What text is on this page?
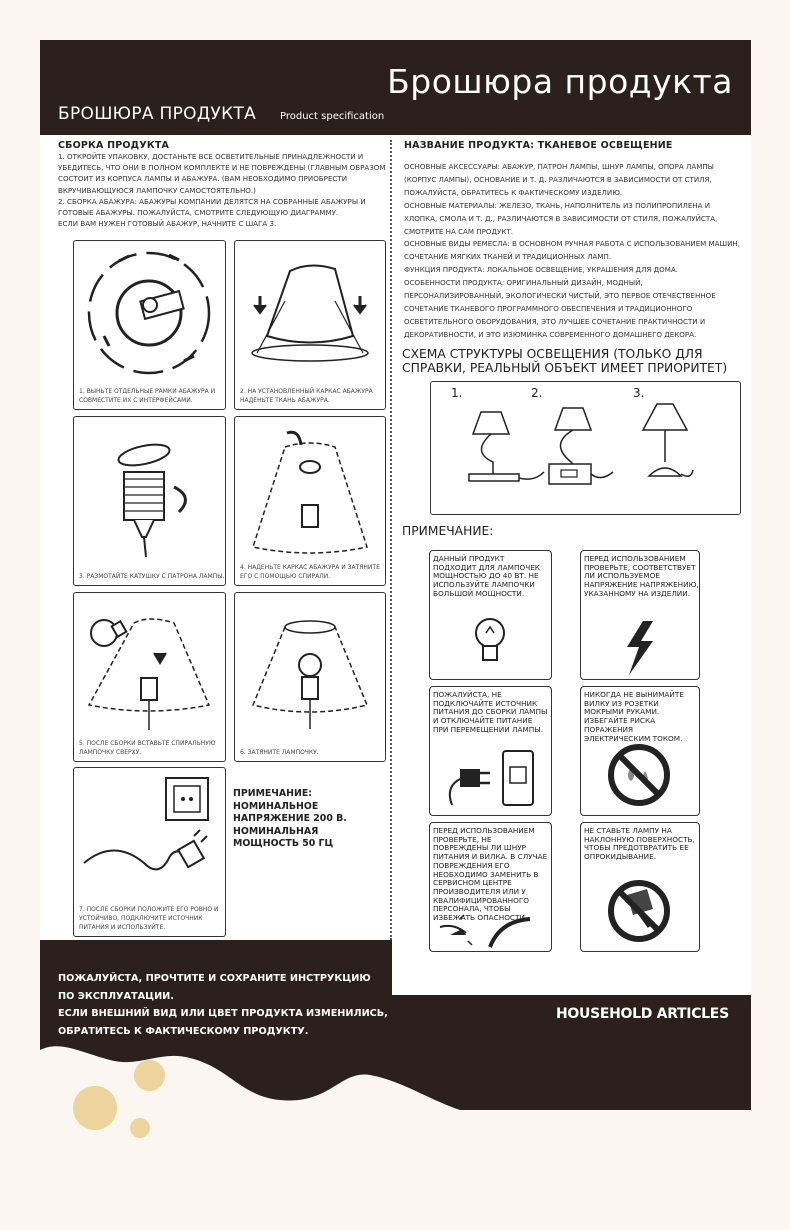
Брошюра продукта
БРОШЮРА ПРОДУКТА Product specification
СБОРКА ПРОДУКТА
1. ОТКРОЙТЕ УПАКОВКУ, ДОСТАНЬТЕ ВСЕ ОСВЕТИТЕЛЬНЫЕ ПРИНАДЛЕЖНОСТИ И УБЕДИТЕСЬ, ЧТО ОНИ В ПОЛНОМ КОМПЛЕКТЕ И НЕ ПОВРЕЖДЕНЫ (ГЛАВНЫМ ОБРАЗОМ СОСТОИТ ИЗ КОРПУСА ЛАМПЫ И АБАЖУРА. (ВАМ НЕОБХОДИМО ПРИОБРЕСТИ ВКРУЧИВАЮЩУЮСЯ ЛАМПОЧКУ САМОСТОЯТЕЛЬНО.)
2. СБОРКА АБАЖУРА: АБАЖУРЫ КОМПАНИИ ДЕЛЯТСЯ НА СОБРАННЫЕ АБАЖУРЫ И ГОТОВЫЕ АБАЖУРЫ. ПОЖАЛУЙСТА, СМОТРИТЕ СЛЕДУЮЩУЮ ДИАГРАММУ.
ЕСЛИ ВАМ НУЖЕН ГОТОВЫЙ АБАЖУР, НАЧНИТЕ С ШАГА 3.
1. ВЫНЬТЕ ОТДЕЛЬНЫЕ РАМКИ АБАЖУРА И СОВМЕСТИТЕ ИХ С ИНТЕРФЕЙСАМИ.
2. НА УСТАНОВЛЕННЫЙ КАРКАС АБАЖУРА НАДЕНЬТЕ ТКАНЬ АБАЖУРА.
3. РАЗМОТАЙТЕ КАТУШКУ С ПАТРОНА ЛАМПЫ.
4. НАДЕНЬТЕ КАРКАС АБАЖУРА И ЗАТЯНИТЕ ЕГО С ПОМОЩЬЮ СПИРАЛИ.
5. ПОСЛЕ СБОРКИ ВСТАВЬТЕ СПИРАЛЬНУЮ ЛАМПОЧКУ СВЕРХУ.	6. ЗАТЯНИТЕ ЛАМПОЧКУ.
7. ПОСЛЕ СБОРКИ ПОЛОЖИТЕ ЕГО РОВНО И УСТОЙЧИВО, ПОДКЛЮЧИТЕ ИСТОЧНИК ПИТАНИЯ И ИСПОЛЬЗУЙТЕ.
ПРИМЕЧАНИЕ: НОМИНАЛЬНОЕ НАПРЯЖЕНИЕ 200 В. НОМИНАЛЬНАЯ МОЩНОСТЬ 50 ГЦ
НАЗВАНИЕ ПРОДУКТА: ТКАНЕВОЕ ОСВЕЩЕНИЕ
ОСНОВНЫЕ АКСЕССУАРЫ: АБАЖУР, ПАТРОН ЛАМПЫ, ШНУР ЛАМПЫ, ОПОРА ЛАМПЫ (КОРПУС ЛАМПЫ), ОСНОВАНИЕ И Т. Д. РАЗЛИЧАЮТСЯ В ЗАВИСИМОСТИ ОТ СТИЛЯ, ПОЖАЛУЙСТА, ОБРАТИТЕСЬ К ФАКТИЧЕСКОМУ ИЗДЕЛИЮ.
ОСНОВНЫЕ МАТЕРИАЛЫ: ЖЕЛЕЗО, ТКАНЬ, НАПОЛНИТЕЛЬ ИЗ ПОЛИПРОПИЛЕНА И ХЛОПКА, СМОЛА И Т. Д., РАЗЛИЧАЮТСЯ В ЗАВИСИМОСТИ ОТ СТИЛЯ, ПОЖАЛУЙСТА, СМОТРИТЕ НА САМ ПРОДУКТ.
ОСНОВНЫЕ ВИДЫ РЕМЕСЛА: В ОСНОВНОМ РУЧНАЯ РАБОТА С ИСПОЛЬЗОВАНИЕМ МАШИН, СОЧЕТАНИЕ МЯГКИХ ТКАНЕЙ И ТРАДИЦИОННЫХ ЛАМП.
ФУНКЦИЯ ПРОДУКТА: ЛОКАЛЬНОЕ ОСВЕЩЕНИЕ, УКРАШЕНИЯ ДЛЯ ДОМА.
ОСОБЕННОСТИ ПРОДУКТА: ОРИГИНАЛЬНЫЙ ДИЗАЙН, МОДНЫЙ, ПЕРСОНАЛИЗИРОВАННЫЙ, ЭКОЛОГИЧЕСКИ ЧИСТЫЙ, ЭТО ПЕРВОЕ ОТЕЧЕСТВЕННОЕ СОЧЕТАНИЕ ТКАНЕВОГО ПРОГРАММНОГО ОБЕСПЕЧЕНИЯ И ТРАДИЦИОННОГО ОСВЕТИТЕЛЬНОГО ОБОРУДОВАНИЯ, ЭТО ЛУЧШЕЕ СОЧЕТАНИЕ ПРАКТИЧНОСТИ И ДЕКОРАТИВНОСТИ, И ЭТО ИЗЮМИНКА СОВРЕМЕННОГО ДОМАШНЕГО ДЕКОРА.
СХЕМА СТРУКТУРЫ ОСВЕЩЕНИЯ (ТОЛЬКО ДЛЯ СПРАВКИ, РЕАЛЬНЫЙ ОБЪЕКТ ИМЕЕТ ПРИОРИТЕТ)
1.	2.	3.
ПРИМЕЧАНИЕ:
ДАННЫЙ ПРОДУКТ ПОДХОДИТ ДЛЯ ЛАМПОЧЕК МОЩНОСТЬЮ ДО 40 ВТ. НЕ ИСПОЛЬЗУЙТЕ ЛАМПОЧКИ БОЛЬШОЙ МОЩНОСТИ.
ПЕРЕД ИСПОЛЬЗОВАНИЕМ ПРОВЕРЬТЕ, СООТВЕТСТВУЕТ ЛИ ИСПОЛЬЗУЕМОЕ НАПРЯЖЕНИЕ НАПРЯЖЕНИЮ, УКАЗАННОМУ НА ИЗДЕЛИИ.
ПОЖАЛУЙСТА, НЕ ПОДКЛЮЧАЙТЕ ИСТОЧНИК ПИТАНИЯ ДО СБОРКИ ЛАМПЫ И ОТКЛЮЧАЙТЕ ПИТАНИЕ ПРИ ПЕРЕМЕЩЕНИИ ЛАМПЫ.
НИКОГДА НЕ ВЫНИМАЙТЕ ВИЛКУ ИЗ РОЗЕТКИ МОКРЫМИ РУКАМИ. ИЗБЕГАЙТЕ РИСКА ПОРАЖЕНИЯ ЭЛЕКТРИЧЕСКИМ ТОКОМ.
ПЕРЕД ИСПОЛЬЗОВАНИЕМ ПРОВЕРЬТЕ, НЕ ПОВРЕЖДЕНЫ ЛИ ШНУР ПИТАНИЯ И ВИЛКА. В СЛУЧАЕ ПОВРЕЖДЕНИЯ ЕГО НЕОБХОДИМО ЗАМЕНИТЬ В СЕРВИСНОМ ЦЕНТРЕ ПРОИЗВОДИТЕЛЯ ИЛИ У КВАЛИФИЦИРОВАННОГО ПЕРСОНАЛА, ЧТОБЫ ИЗБЕЖАТЬ ОПАСНОСТИ.
НЕ СТАВЬТЕ ЛАМПУ НА НАКЛОННУЮ ПОВЕРХНОСТЬ, ЧТОБЫ ПРЕДОТВРАТИТЬ ЕЕ ОПРОКИДЫВАНИЕ.
ПОЖАЛУЙСТА, ПРОЧТИТЕ И СОХРАНИТЕ ИНСТРУКЦИЮ ПО ЭКСПЛУАТАЦИИ.
ЕСЛИ ВНЕШНИЙ ВИД ИЛИ ЦВЕТ ПРОДУКТА ИЗМЕНИЛИСЬ, ОБРАТИТЕСЬ К ФАКТИЧЕСКОМУ ПРОДУКТУ.
HOUSEHOLD ARTICLES
